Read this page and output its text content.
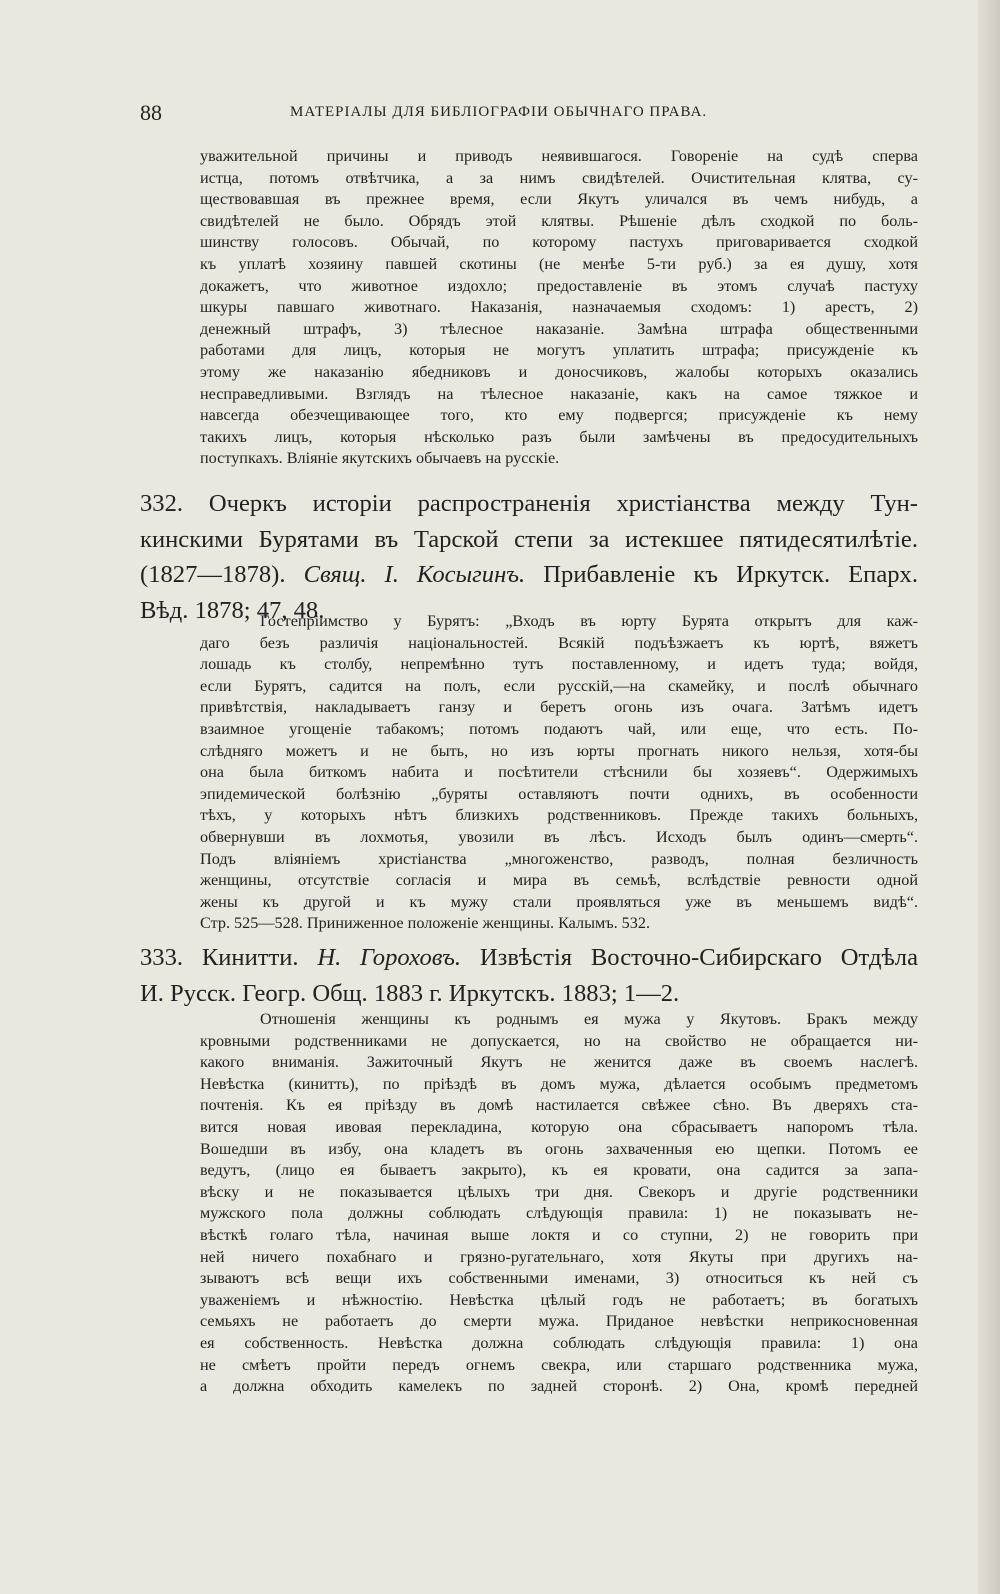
88	МАТЕРІАЛЫ ДЛЯ БИБЛІОГРАФІИ ОБЫЧНАГО ПРАВА.
уважительной причины и приводъ неявившагося. Говореніе на судѣ сперва
истца, потомъ отвѣтчика, а за нимъ свидѣтелей. Очистительная клятва, су-
ществовавшая въ прежнее время, если Якутъ уличался въ чемъ нибудь, а
свидѣтелей не было. Обрядъ этой клятвы. Рѣшеніе дѣлъ сходкой по боль-
шинству голосовъ. Обычай, по которому пастухъ приговаривается сходкой
къ уплатѣ хозяину павшей скотины (не менѣе 5-ти руб.) за ея душу, хотя
докажетъ, что животное издохло; предоставленіе въ этомъ случаѣ пастуху
шкуры павшаго животнаго. Наказанія, назначаемыя сходомъ: 1) арестъ, 2)
денежный штрафъ, 3) тѣлесное наказаніе. Замѣна штрафа общественными
работами для лицъ, которыя не могутъ уплатить штрафа; присужденіе къ
этому же наказанію ябедниковъ и доносчиковъ, жалобы которыхъ оказались
несправедливыми. Взглядъ на тѣлесное наказаніе, какъ на самое тяжкое и
навсегда обезчещивающее того, кто ему подвергся; присужденіе къ нему
такихъ лицъ, которыя нѣсколько разъ были замѣчены въ предосудительныхъ
поступкахъ. Вліяніе якутскихъ обычаевъ на русскіе.
332. Очеркъ исторіи распространенія христіанства между Тун-
кинскими Бурятами въ Тарской степи за истекшее пятидесятилѣтіе.
(1827—1878). Свящ. І. Косыгинъ. Прибавленіе къ Иркутск. Епарх.
Вѣд. 1878; 47, 48.
Гостепріимство у Бурятъ: „Входъ въ юрту Бурята открытъ для каж-
даго безъ различія національностей. Всякій подъѣзжаетъ къ юртѣ, вяжетъ
лошадь къ столбу, непремѣнно тутъ поставленному, и идетъ туда; войдя,
если Бурятъ, садится на полъ, если русскій,—на скамейку, и послѣ обычнаго
привѣтствія, накладываетъ ганзу и беретъ огонь изъ очага. Затѣмъ идетъ
взаимное угощеніе табакомъ; потомъ подаютъ чай, или еще, что есть. По-
слѣдняго можетъ и не быть, но изъ юрты прогнать никого нельзя, хотя-бы
она была биткомъ набита и посѣтители стѣснили бы хозяевъ“. Одержимыхъ
эпидемической болѣзнію „буряты оставляютъ почти однихъ, въ особенности
тѣхъ, у которыхъ нѣтъ близкихъ родственниковъ. Прежде такихъ больныхъ,
обвернувши въ лохмотья, увозили въ лѣсъ. Исходъ былъ одинъ—смерть“.
Подъ вліяніемъ христіанства „многоженство, разводъ, полная безличность
женщины, отсутствіе согласія и мира въ семьѣ, вслѣдствіе ревности одной
жены къ другой и къ мужу стали проявляться уже въ меньшемъ видѣ“.
Стр. 525—528. Приниженное положеніе женщины. Калымъ. 532.
333. Кинитти. Н. Гороховъ. Извѣстія Восточно-Сибирскаго Отдѣла
И. Русск. Геогр. Общ. 1883 г. Иркутскъ. 1883; 1—2.
Отношенія женщины къ роднымъ ея мужа у Якутовъ. Бракъ между
кровными родственниками не допускается, но на свойство не обращается ни-
какого вниманія. Зажиточный Якутъ не женится даже въ своемъ наслегѣ.
Невѣстка (кинитть), по пріѣздѣ въ домъ мужа, дѣлается особымъ предметомъ
почтенія. Къ ея пріѣзду въ домѣ настилается свѣжее сѣно. Въ дверяхъ ста-
вится новая ивовая перекладина, которую она сбрасываетъ напоромъ тѣла.
Вошедши въ избу, она кладетъ въ огонь захваченныя ею щепки. Потомъ ее
ведутъ, (лицо ея бываетъ закрыто), къ ея кровати, она садится за запа-
вѣску и не показывается цѣлыхъ три дня. Свекоръ и другіе родственники
мужского пола должны соблюдать слѣдующія правила: 1) не показывать не-
вѣсткѣ голаго тѣла, начиная выше локтя и со ступни, 2) не говорить при
ней ничего похабнаго и грязно-ругательнаго, хотя Якуты при другихъ на-
зываютъ всѣ вещи ихъ собственными именами, 3) относиться къ ней съ
уваженіемъ и нѣжностію. Невѣстка цѣлый годъ не работаетъ; въ богатыхъ
семьяхъ не работаетъ до смерти мужа. Приданое невѣстки неприкосновенная
ея собственность. Невѣстка должна соблюдать слѣдующія правила: 1) она
не смѣетъ пройти передъ огнемъ свекра, или старшаго родственника мужа,
а должна обходить камелекъ по задней сторонѣ. 2) Она, кромѣ передней
